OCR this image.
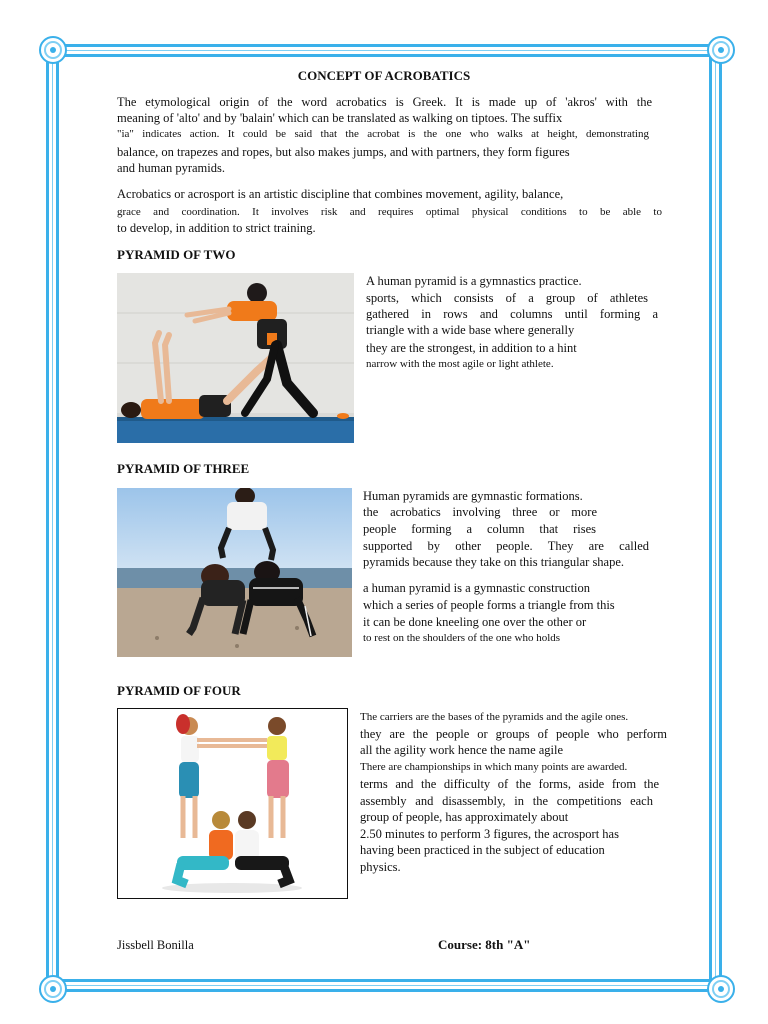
CONCEPT OF ACROBATICS

The etymological origin of the word acrobatics is Greek. It is made up of 'akros' with the

meaning of 'alto' and by 'balain' which can be translated as walking on tiptoes. The suffix

"ia" indicates action. It could be said that the acrobat is the one who walks at height, demonstrating

balance, on trapezes and ropes, but also makes jumps, and with partners, they form figures

and human pyramids.

Acrobatics or acrosport is an artistic discipline that combines movement, agility, balance,

grace and coordination. It involves risk and requires optimal physical conditions to be able to

to develop, in addition to strict training.

PYRAMID OF TWO

A human pyramid is a gymnastics practice.

sports, which consists of a group of athletes

gathered in rows and columns until forming a

triangle with a wide base where generally

they are the strongest, in addition to a hint

narrow with the most agile or light athlete.

PYRAMID OF THREE

Human pyramids are gymnastic formations.

the acrobatics involving three or more

people forming a column that rises

supported by other people. They are called

pyramids because they take on this triangular shape.

a human pyramid is a gymnastic construction

which a series of people forms a triangle from this

it can be done kneeling one over the other or

to rest on the shoulders of the one who holds

PYRAMID OF FOUR

The carriers are the bases of the pyramids and the agile ones.

they are the people or groups of people who perform

all the agility work hence the name agile

There are championships in which many points are awarded.

terms and the difficulty of the forms, aside from the

assembly and disassembly, in the competitions each

group of people, has approximately about

2.50 minutes to perform 3 figures, the acrosport has

having been practiced in the subject of education

physics.

Jissbell Bonilla	Course: 8th "A"
